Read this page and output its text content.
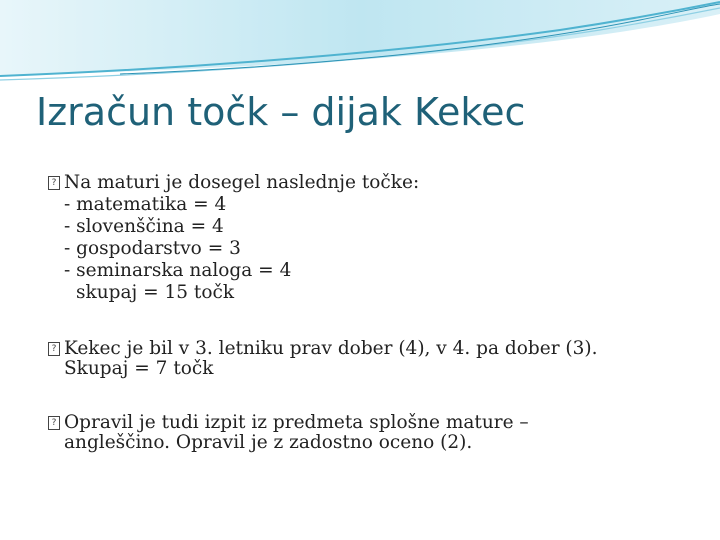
Izračun točk – dijak Kekec
? Na maturi je dosegel naslednje točke:
- matematika = 4
- slovenščina = 4
- gospodarstvo = 3
- seminarska naloga = 4
skupaj = 15 točk
? Kekec je bil v 3. letniku prav dober (4), v 4. pa dober (3).
Skupaj = 7 točk
? Opravil je tudi izpit iz predmeta splošne mature –
angleščino. Opravil je z zadostno oceno (2).
